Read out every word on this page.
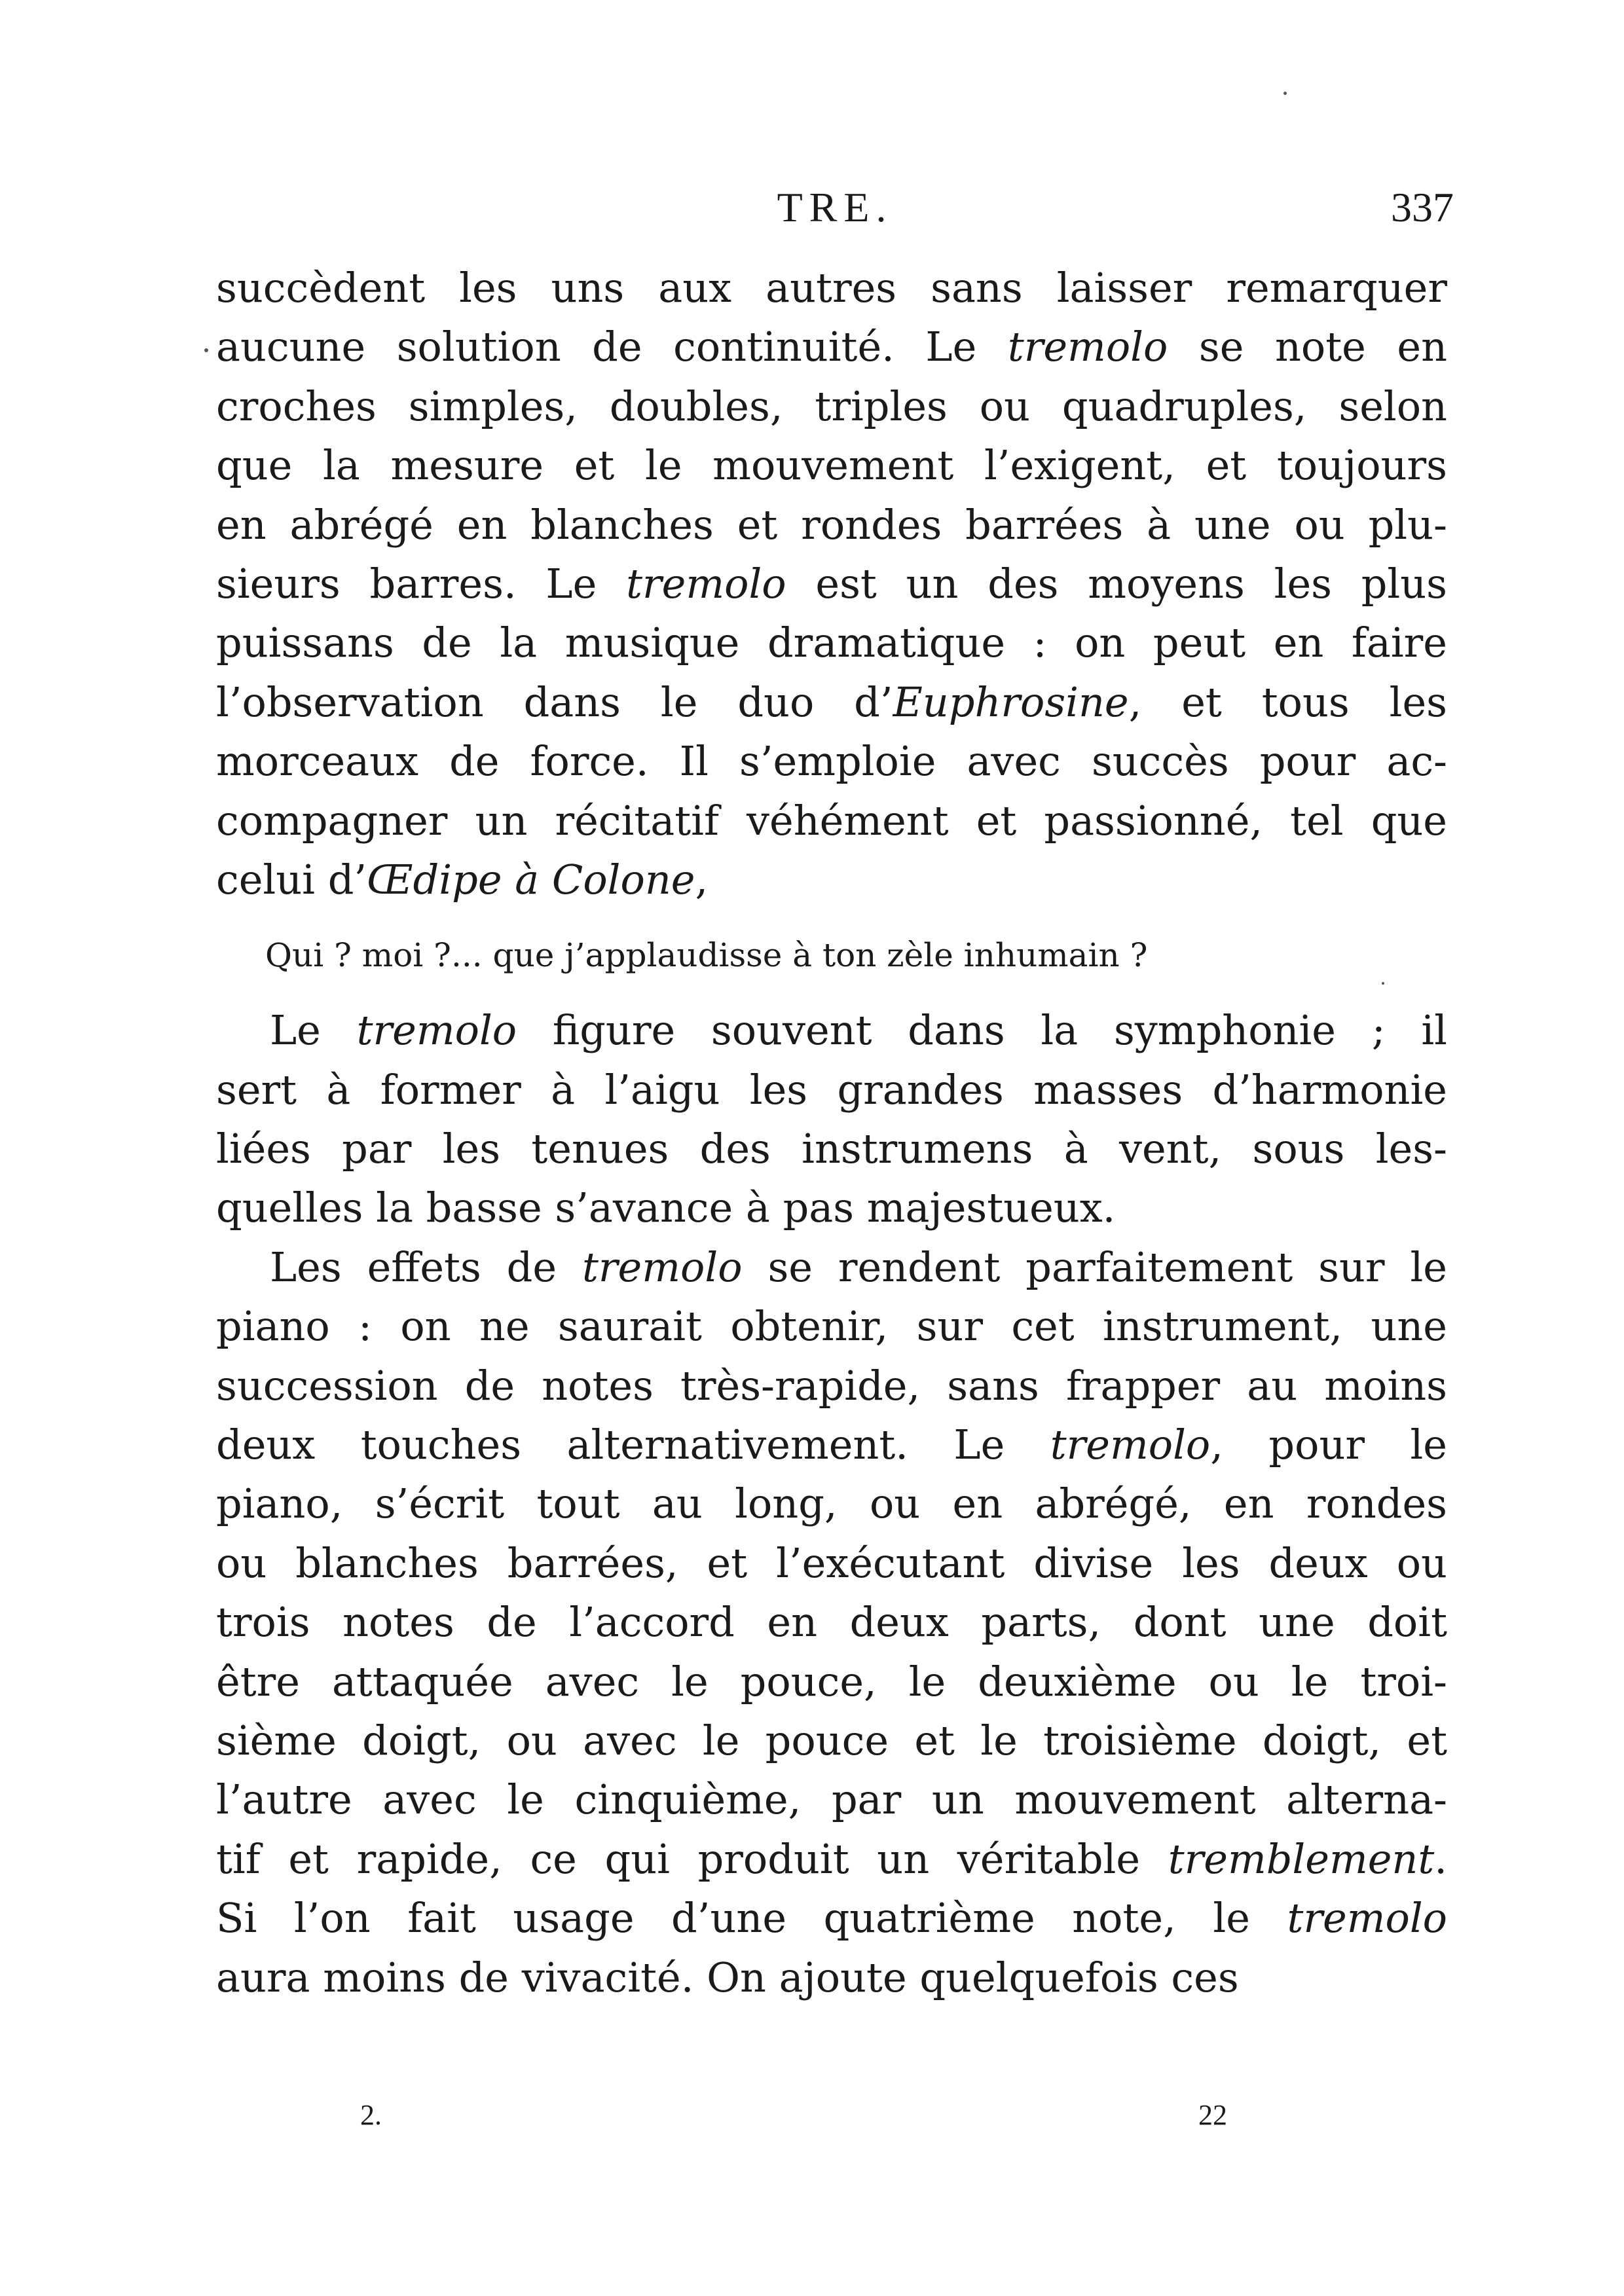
TRE.	337
succèdent les uns aux autres sans laisser remarquer
aucune solution de continuité. Le tremolo se note en
croches simples, doubles, triples ou quadruples, selon
que la mesure et le mouvement l’exigent, et toujours
en abrégé en blanches et rondes barrées à une ou plu-
sieurs barres. Le tremolo est un des moyens les plus
puissans de la musique dramatique : on peut en faire
l’observation dans le duo d’Euphrosine, et tous les
morceaux de force. Il s’emploie avec succès pour ac-
compagner un récitatif véhément et passionné, tel que
celui d’Œdipe à Colone,
Qui ? moi ?... que j’applaudisse à ton zèle inhumain ?
Le tremolo figure souvent dans la symphonie ; il
sert à former à l’aigu les grandes masses d’harmonie
liées par les tenues des instrumens à vent, sous les-
quelles la basse s’avance à pas majestueux.
Les effets de tremolo se rendent parfaitement sur le
piano : on ne saurait obtenir, sur cet instrument, une
succession de notes très-rapide, sans frapper au moins
deux touches alternativement. Le tremolo, pour le
piano, s’écrit tout au long, ou en abrégé, en rondes
ou blanches barrées, et l’exécutant divise les deux ou
trois notes de l’accord en deux parts, dont une doit
être attaquée avec le pouce, le deuxième ou le troi-
sième doigt, ou avec le pouce et le troisième doigt, et
l’autre avec le cinquième, par un mouvement alterna-
tif et rapide, ce qui produit un véritable tremblement.
Si l’on fait usage d’une quatrième note, le tremolo
aura moins de vivacité. On ajoute quelquefois ces
2.	22
